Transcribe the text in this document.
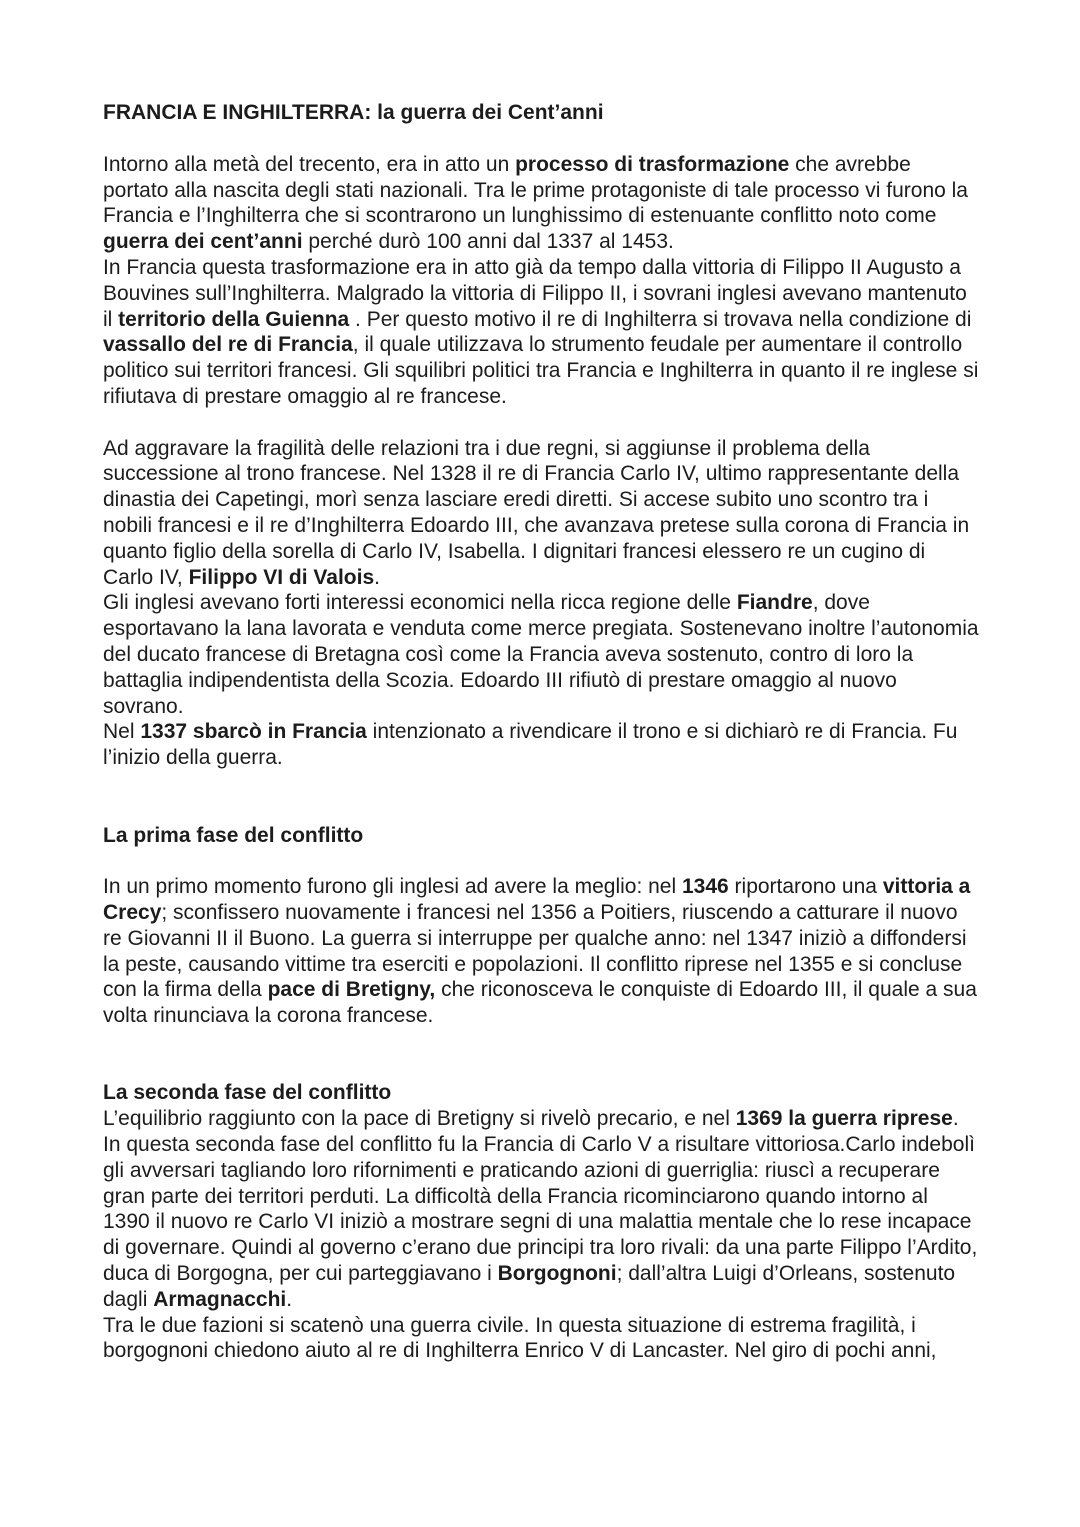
FRANCIA E INGHILTERRA: la guerra dei Cent’anni

Intorno alla metà del trecento, era in atto un processo di trasformazione che avrebbe portato alla nascita degli stati nazionali. Tra le prime protagoniste di tale processo vi furono la Francia e l’Inghilterra che si scontrarono un lunghissimo di estenuante conflitto noto come guerra dei cent’anni perché durò 100 anni dal 1337 al 1453.

In Francia questa trasformazione era in atto già da tempo dalla vittoria di Filippo II Augusto a Bouvines sull’Inghilterra. Malgrado la vittoria di Filippo II, i sovrani inglesi avevano mantenuto il territorio della Guienna . Per questo motivo il re di Inghilterra si trovava nella condizione di vassallo del re di Francia, il quale utilizzava lo strumento feudale per aumentare il controllo politico sui territori francesi. Gli squilibri politici tra Francia e Inghilterra in quanto il re inglese si rifiutava di prestare omaggio al re francese.

Ad aggravare la fragilità delle relazioni tra i due regni, si aggiunse il problema della successione al trono francese. Nel 1328 il re di Francia Carlo IV, ultimo rappresentante della dinastia dei Capetingi, morì senza lasciare eredi diretti. Si accese subito uno scontro tra i nobili francesi e il re d’Inghilterra Edoardo III, che avanzava pretese sulla corona di Francia in quanto figlio della sorella di Carlo IV, Isabella. I dignitari francesi elessero re un cugino di Carlo IV, Filippo VI di Valois.

Gli inglesi avevano forti interessi economici nella ricca regione delle Fiandre, dove esportavano la lana lavorata e venduta come merce pregiata. Sostenevano inoltre l’autonomia del ducato francese di Bretagna così come la Francia aveva sostenuto, contro di loro la battaglia indipendentista della Scozia. Edoardo III rifiutò di prestare omaggio al nuovo sovrano.

Nel 1337 sbarcò in Francia intenzionato a rivendicare il trono e si dichiarò re di Francia. Fu l’inizio della guerra.

La prima fase del conflitto

In un primo momento furono gli inglesi ad avere la meglio: nel 1346 riportarono una vittoria a Crecy; sconfissero nuovamente i francesi nel 1356 a Poitiers, riuscendo a catturare il nuovo re Giovanni II il Buono. La guerra si interruppe per qualche anno: nel 1347 iniziò a diffondersi la peste, causando vittime tra eserciti e popolazioni. Il conflitto riprese nel 1355 e si concluse con la firma della pace di Bretigny, che riconosceva le conquiste di Edoardo III, il quale a sua volta rinunciava la corona francese.

La seconda fase del conflitto

L’equilibrio raggiunto con la pace di Bretigny si rivelò precario, e nel 1369 la guerra riprese.

In questa seconda fase del conflitto fu la Francia di Carlo V a risultare vittoriosa.Carlo indebolì gli avversari tagliando loro rifornimenti e praticando azioni di guerriglia: riuscì a recuperare gran parte dei territori perduti. La difficoltà della Francia ricominciarono quando intorno al 1390 il nuovo re Carlo VI iniziò a mostrare segni di una malattia mentale che lo rese incapace di governare. Quindi al governo c’erano due principi tra loro rivali: da una parte Filippo l’Ardito, duca di Borgogna, per cui parteggiavano i Borgognoni; dall’altra Luigi d’Orleans, sostenuto dagli Armagnacchi.

Tra le due fazioni si scatenò una guerra civile. In questa situazione di estrema fragilità, i borgognoni chiedono aiuto al re di Inghilterra Enrico V di Lancaster. Nel giro di pochi anni,
